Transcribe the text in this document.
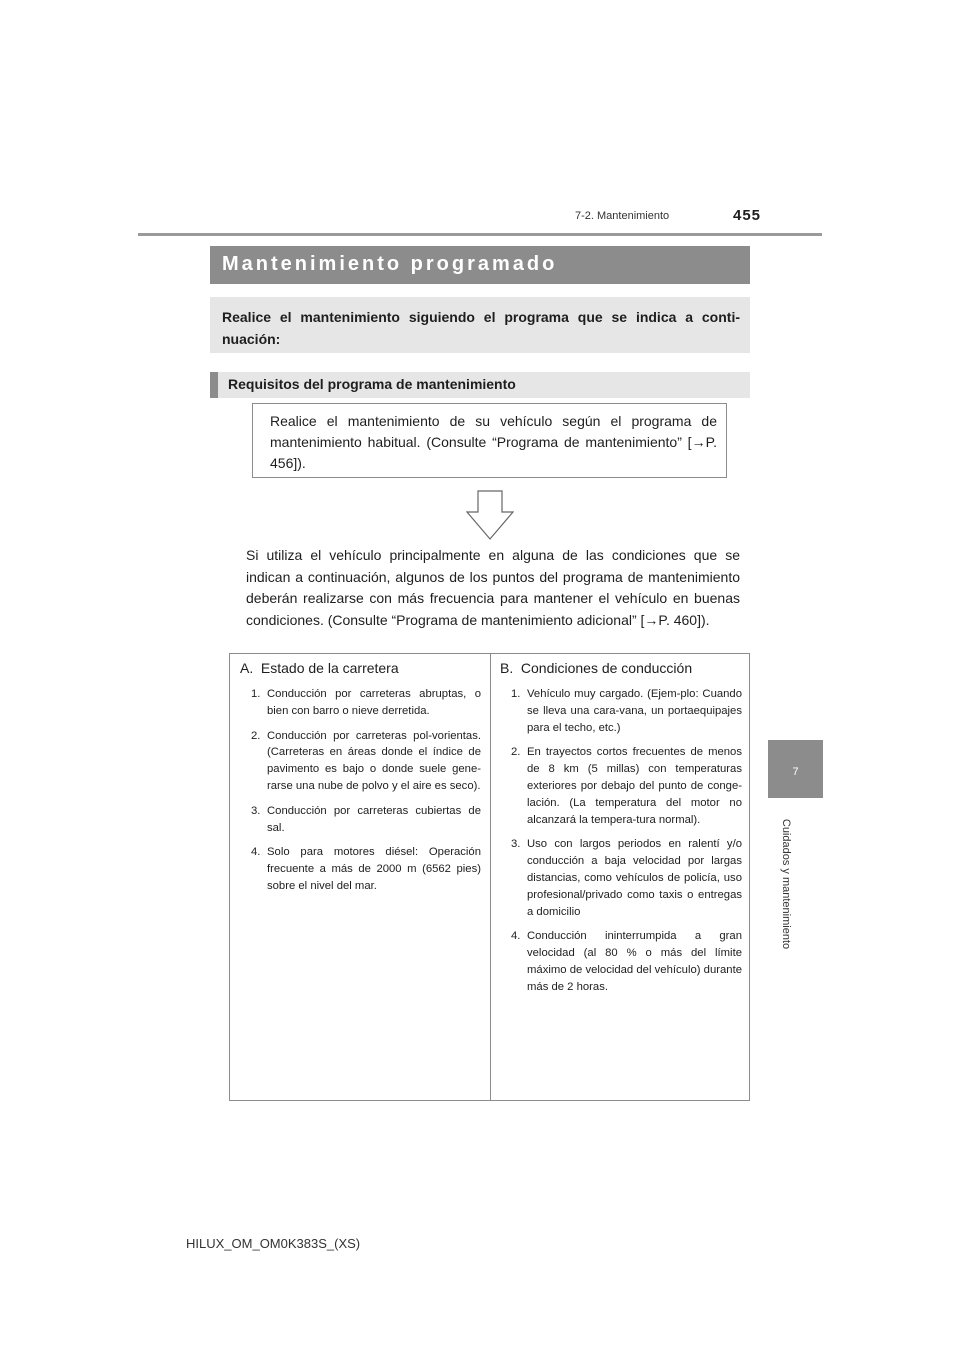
455
7-2. Mantenimiento
7
Cuidados y mantenimiento
Mantenimiento programado

Realice el mantenimiento siguiendo el programa que se indica a conti-nuación:

Requisitos del programa de mantenimiento

Realice el mantenimiento de su vehículo según el programa de mantenimiento habitual. (Consulte “Programa de mantenimiento” [→P. 456]).

Si utiliza el vehículo principalmente en alguna de las condiciones que se indican a continuación, algunos de los puntos del programa de mantenimiento deberán realizarse con más frecuencia para mantener el vehículo en buenas condiciones. (Consulte “Programa de mantenimiento adicional” [→P. 460]).

A. Estado de la carretera
1. Conducción por carreteras abruptas, o bien con barro o nieve derretida.
2. Conducción por carreteras pol-vorientas. (Carreteras en áreas donde el índice de pavimento es bajo o donde suele gene-rarse una nube de polvo y el aire es seco).
3. Conducción por carreteras cubiertas de sal.
4. Solo para motores diésel: Operación frecuente a más de 2000 m (6562 pies) sobre el nivel del mar.
B. Condiciones de conducción
1. Vehículo muy cargado. (Ejem-plo: Cuando se lleva una cara-vana, un portaequipajes para el techo, etc.)
2. En trayectos cortos frecuentes de menos de 8 km (5 millas) con temperaturas exteriores por debajo del punto de conge-lación. (La temperatura del motor no alcanzará la tempera-tura normal).
3. Uso con largos periodos en ralentí y/o conducción a baja velocidad por largas distancias, como vehículos de policía, uso profesional/privado como taxis o entregas a domicilio
4. Conducción ininterrumpida a gran velocidad (al 80 % o más del límite máximo de velocidad del vehículo) durante más de 2 horas.
HILUX_OM_OM0K383S_(XS)
